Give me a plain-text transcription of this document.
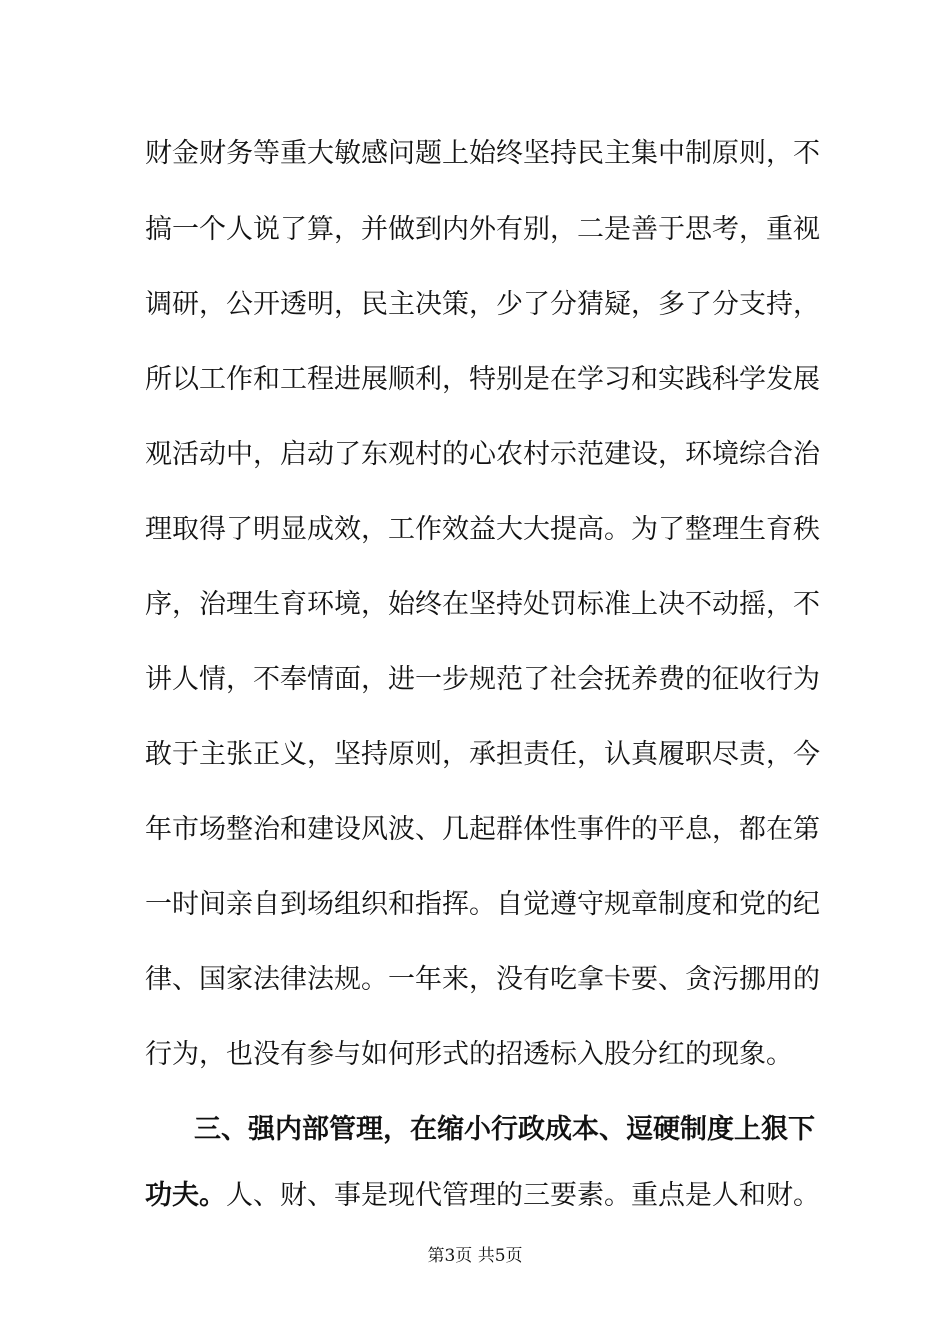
财金财务等重大敏感问题上始终坚持民主集中制原则，不
搞一个人说了算，并做到内外有别，二是善于思考，重视
调研，公开透明，民主决策，少了分猜疑，多了分支持，
所以工作和工程进展顺利，特别是在学习和实践科学发展
观活动中，启动了东观村的心农村示范建设，环境综合治
理取得了明显成效，工作效益大大提高。为了整理生育秩
序，治理生育环境，始终在坚持处罚标准上决不动摇，不
讲人情，不奉情面，进一步规范了社会抚养费的征收行为
敢于主张正义，坚持原则，承担责任，认真履职尽责，今
年市场整治和建设风波、几起群体性事件的平息，都在第
一时间亲自到场组织和指挥。自觉遵守规章制度和党的纪
律、国家法律法规。一年来，没有吃拿卡要、贪污挪用的
行为，也没有参与如何形式的招透标入股分红的现象。
三、强内部管理，在缩小行政成本、逗硬制度上狠下
功夫。人、财、事是现代管理的三要素。重点是人和财。
第3页 共5页
